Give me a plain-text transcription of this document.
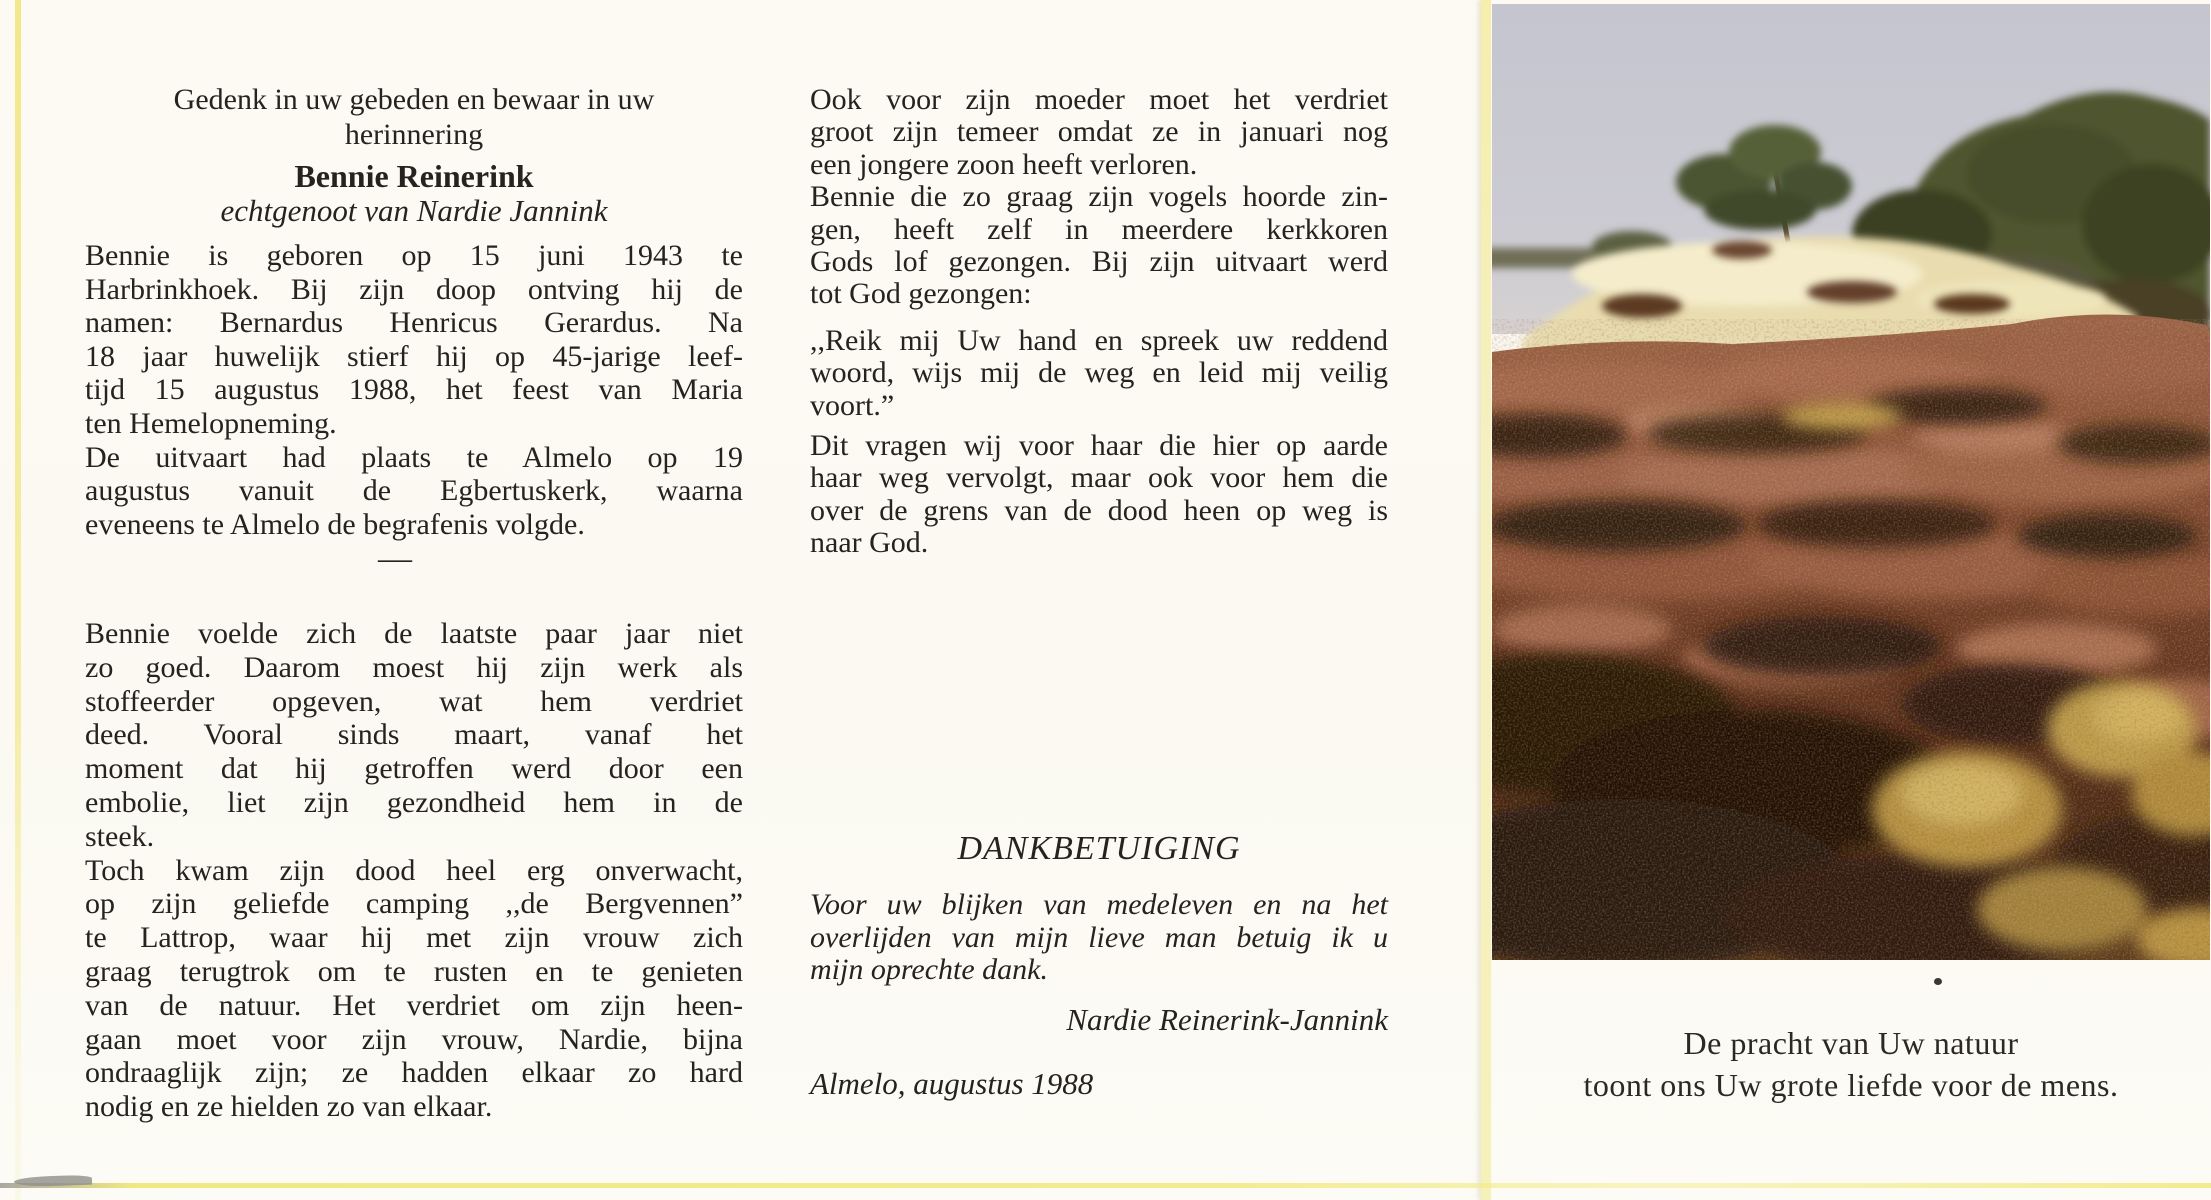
Gedenk in uw gebeden en bewaar in uw
herinnering
Bennie Reinerink
echtgenoot van Nardie Jannink
Bennie is geboren op 15 juni 1943 te
Harbrinkhoek. Bij zijn doop ontving hij de
namen: Bernardus Henricus Gerardus. Na
18 jaar huwelijk stierf hij op 45-jarige leef-
tijd 15 augustus 1988, het feest van Maria
ten Hemelopneming.
De uitvaart had plaats te Almelo op 19
augustus vanuit de Egbertuskerk, waarna
eveneens te Almelo de begrafenis volgde.
—
Bennie voelde zich de laatste paar jaar niet
zo goed. Daarom moest hij zijn werk als
stoffeerder opgeven, wat hem verdriet
deed. Vooral sinds maart, vanaf het
moment dat hij getroffen werd door een
embolie, liet zijn gezondheid hem in de
steek.
Toch kwam zijn dood heel erg onverwacht,
op zijn geliefde camping ,,de Bergvennen”
te Lattrop, waar hij met zijn vrouw zich
graag terugtrok om te rusten en te genieten
van de natuur. Het verdriet om zijn heen-
gaan moet voor zijn vrouw, Nardie, bijna
ondraaglijk zijn; ze hadden elkaar zo hard
nodig en ze hielden zo van elkaar.
Ook voor zijn moeder moet het verdriet
groot zijn temeer omdat ze in januari nog
een jongere zoon heeft verloren.
Bennie die zo graag zijn vogels hoorde zin-
gen, heeft zelf in meerdere kerkkoren
Gods lof gezongen. Bij zijn uitvaart werd
tot God gezongen:
,,Reik mij Uw hand en spreek uw reddend
woord, wijs mij de weg en leid mij veilig
voort.”
Dit vragen wij voor haar die hier op aarde
haar weg vervolgt, maar ook voor hem die
over de grens van de dood heen op weg is
naar God.
DANKBETUIGING
Voor uw blijken van medeleven en na het
overlijden van mijn lieve man betuig ik u
mijn oprechte dank.
Nardie Reinerink-Jannink
Almelo, augustus 1988
De pracht van Uw natuur
toont ons Uw grote liefde voor de mens.
